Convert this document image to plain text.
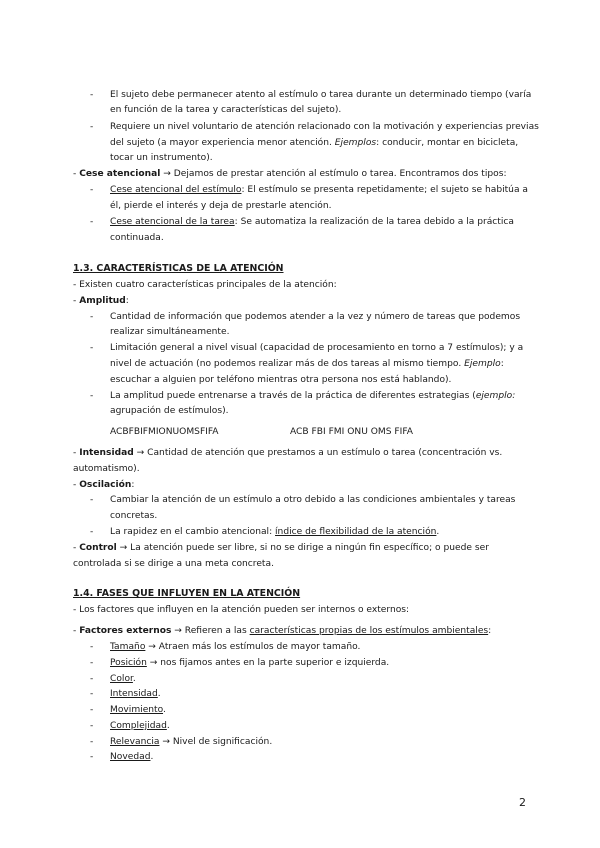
- El sujeto debe permanecer atento al estímulo o tarea durante un determinado tiempo (varía
en función de la tarea y características del sujeto).
- Requiere un nivel voluntario de atención relacionado con la motivación y experiencias previas
del sujeto (a mayor experiencia menor atención. Ejemplos: conducir, montar en bicicleta,
tocar un instrumento).
- Cese atencional → Dejamos de prestar atención al estímulo o tarea. Encontramos dos tipos:
- Cese atencional del estímulo: El estímulo se presenta repetidamente; el sujeto se habitúa a
él, pierde el interés y deja de prestarle atención.
- Cese atencional de la tarea: Se automatiza la realización de la tarea debido a la práctica
continuada.
1.3. CARACTERÍSTICAS DE LA ATENCIÓN
- Existen cuatro características principales de la atención:
- Amplitud:
- Cantidad de información que podemos atender a la vez y número de tareas que podemos
realizar simultáneamente.
- Limitación general a nivel visual (capacidad de procesamiento en torno a 7 estímulos); y a
nivel de actuación (no podemos realizar más de dos tareas al mismo tiempo. Ejemplo:
escuchar a alguien por teléfono mientras otra persona nos está hablando).
- La amplitud puede entrenarse a través de la práctica de diferentes estrategias (ejemplo:
agrupación de estímulos).
ACBFBIFMIONUOMSFIFA	ACB FBI FMI ONU OMS FIFA
- Intensidad → Cantidad de atención que prestamos a un estímulo o tarea (concentración vs.
automatismo).
- Oscilación:
- Cambiar la atención de un estímulo a otro debido a las condiciones ambientales y tareas
concretas.
- La rapidez en el cambio atencional: índice de flexibilidad de la atención.
- Control → La atención puede ser libre, si no se dirige a ningún fin específico; o puede ser
controlada si se dirige a una meta concreta.
1.4. FASES QUE INFLUYEN EN LA ATENCIÓN
- Los factores que influyen en la atención pueden ser internos o externos:
- Factores externos → Refieren a las características propias de los estímulos ambientales:
- Tamaño → Atraen más los estímulos de mayor tamaño.
- Posición → nos fijamos antes en la parte superior e izquierda.
- Color.
- Intensidad.
- Movimiento.
- Complejidad.
- Relevancia → Nivel de significación.
- Novedad.
2
